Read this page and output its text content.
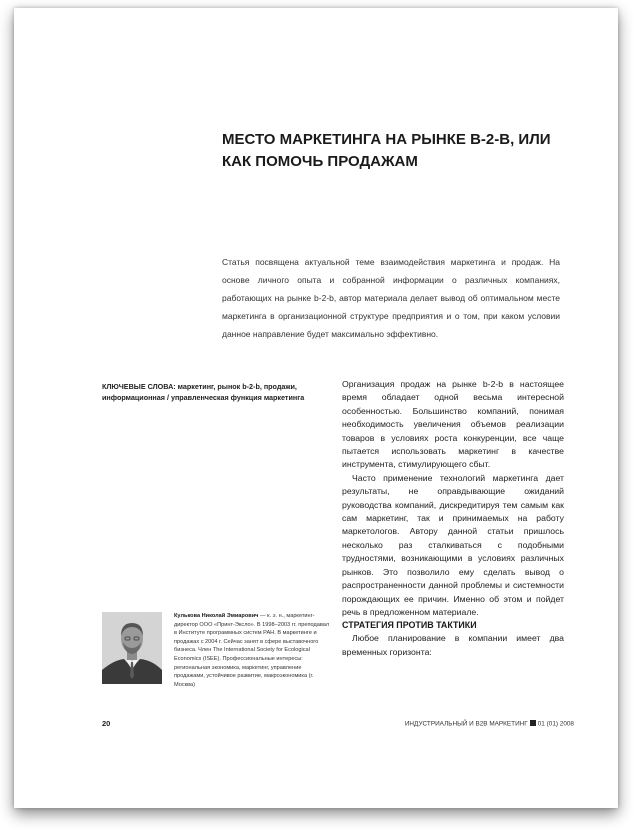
МЕСТО МАРКЕТИНГА НА РЫНКЕ B-2-B, ИЛИ КАК ПОМОЧЬ ПРОДАЖАМ

Статья посвящена актуальной теме взаимодействия маркетинга и продаж. На основе личного опыта и собранной информации о различных компаниях, работающих на рынке b-2-b, автор материала делает вывод об оптимальном месте маркетинга в организационной структуре предприятия и о том, при каком условии данное направление будет максимально эффективно.

КЛЮЧЕВЫЕ СЛОВА: маркетинг, рынок b-2-b, продажи, информационная / управленческая функция маркетинга

Организация продаж на рынке b-2-b в настоящее время обладает одной весьма интересной особенностью. Большинство компаний, понимая необходимость увеличения объемов реализации товаров в условиях роста конкуренции, все чаще пытается использовать маркетинг в качестве инструмента, стимулирующего сбыт.

Часто применение технологий маркетинга дает результаты, не оправдывающие ожиданий руководства компаний, дискредитируя тем самым как сам маркетинг, так и принимаемых на работу маркетологов. Автору данной статьи пришлось несколько раз сталкиваться с подобными трудностями, возникающими в условиях различных рынков. Это позволило ему сделать вывод о распространенности данной проблемы и системности порождающих ее причин. Именно об этом и пойдет речь в предложенном материале.

СТРАТЕГИЯ ПРОТИВ ТАКТИКИ

Любое планирование в компании имеет два временных горизонта:

Кулькова Николай Эмиарович — к. э. н., маркетинг-директор ООО «Принт-Эксло». В 1998–2003 гг. преподавал в Институте программных систем РАН. В маркетинге и продажах с 2004 г. Сейчас занят в сфере выставочного бизнеса. Член The International Society for Ecological Economics (ISEE). Профессиональные интересы: региональная экономика, маркетинг, управление продажами, устойчивое развитие, макроэкономика (г. Москва)

20	ИНДУСТРИАЛЬНЫЙ И B2B МАРКЕТИНГ 01 (01) 2008
